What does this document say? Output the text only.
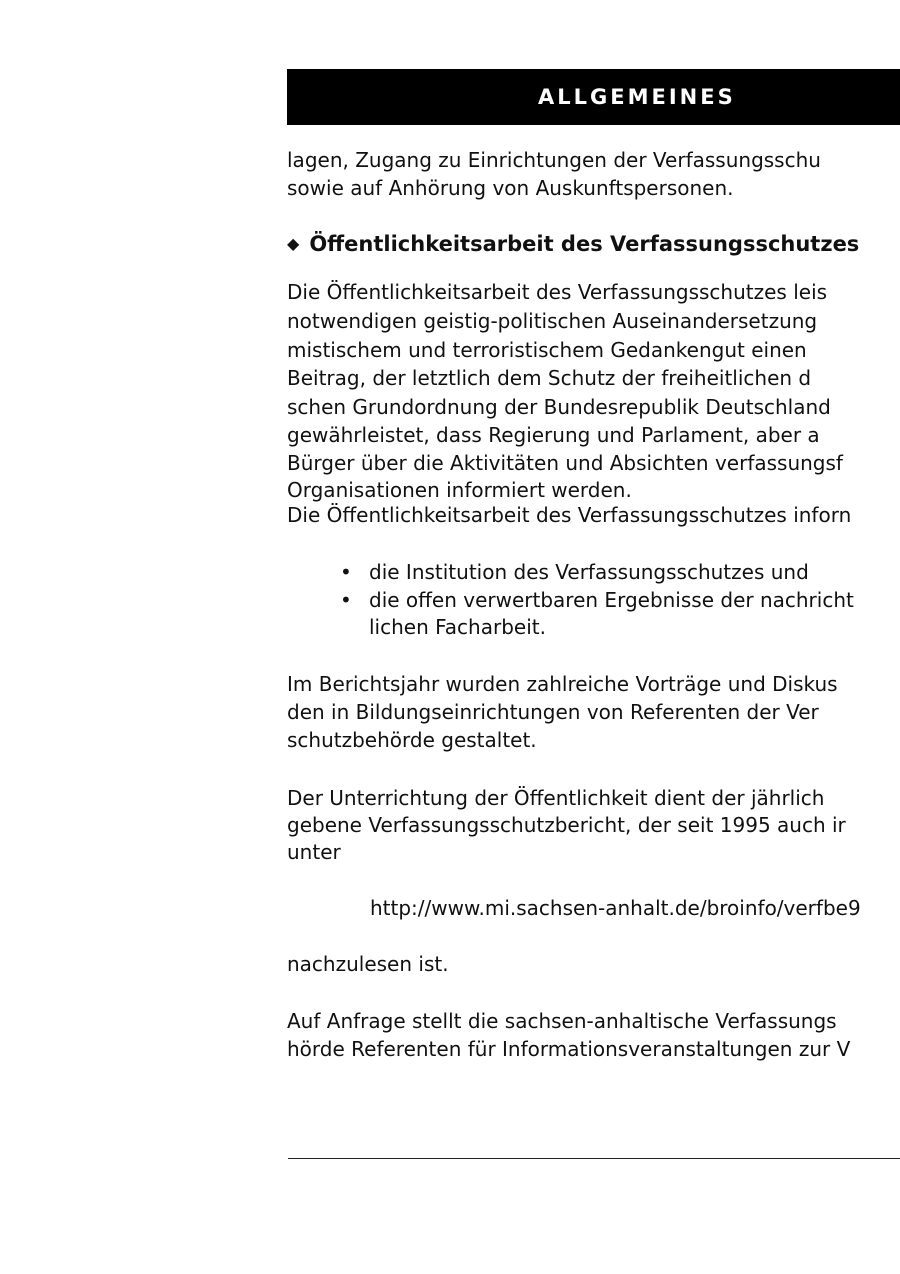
ALLGEMEINES
lagen, Zugang zu Einrichtungen der Verfassungsschu
sowie auf Anhörung von Auskunftspersonen.
◆ Öffentlichkeitsarbeit des Verfassungsschutzes
Die Öffentlichkeitsarbeit des Verfassungsschutzes leis
notwendigen geistig-politischen Auseinandersetzung
mistischem und terroristischem Gedankengut einen
Beitrag, der letztlich dem Schutz der freiheitlichen d
schen Grundordnung der Bundesrepublik Deutschland
gewährleistet, dass Regierung und Parlament, aber a
Bürger über die Aktivitäten und Absichten verfassungsf
Organisationen informiert werden.
Die Öffentlichkeitsarbeit des Verfassungsschutzes inforn
• die Institution des Verfassungsschutzes und
• die offen verwertbaren Ergebnisse der nachricht
lichen Facharbeit.
Im Berichtsjahr wurden zahlreiche Vorträge und Diskus
den in Bildungseinrichtungen von Referenten der Ver
schutzbehörde gestaltet.
Der Unterrichtung der Öffentlichkeit dient der jährlich
gebene Verfassungsschutzbericht, der seit 1995 auch ir
unter
http://www.mi.sachsen-anhalt.de/broinfo/verfbe9
nachzulesen ist.
Auf Anfrage stellt die sachsen-anhaltische Verfassungs
hörde Referenten für Informationsveranstaltungen zur V
